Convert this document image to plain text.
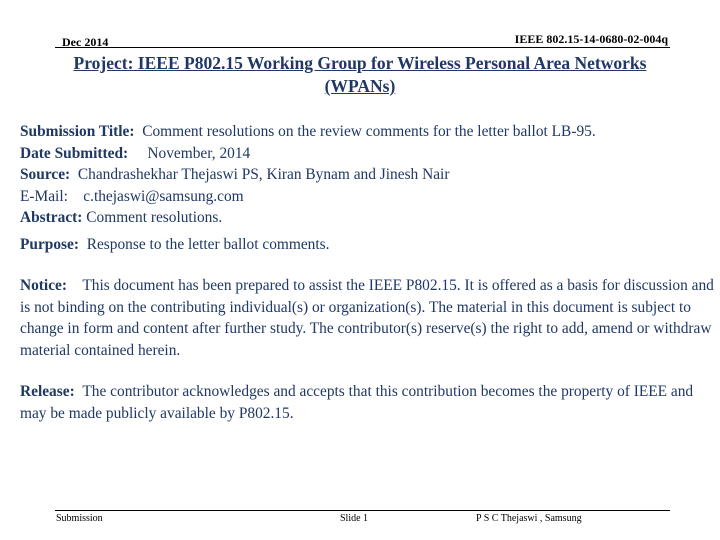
Dec 2014	IEEE 802.15-14-0680-02-004q
Project: IEEE P802.15 Working Group for Wireless Personal Area Networks
(WPANs)
Submission Title: Comment resolutions on the review comments for the letter ballot LB-95.
Date Submitted: November, 2014
Source: Chandrashekhar Thejaswi PS, Kiran Bynam and Jinesh Nair
E-Mail: c.thejaswi@samsung.com
Abstract: Comment resolutions.
Purpose: Response to the letter ballot comments.
Notice: This document has been prepared to assist the IEEE P802.15. It is offered as a basis for discussion and is not binding on the contributing individual(s) or organization(s). The material in this document is subject to change in form and content after further study. The contributor(s) reserve(s) the right to add, amend or withdraw material contained herein.
Release: The contributor acknowledges and accepts that this contribution becomes the property of IEEE and may be made publicly available by P802.15.
Submission	Slide 1	P S C Thejaswi , Samsung
